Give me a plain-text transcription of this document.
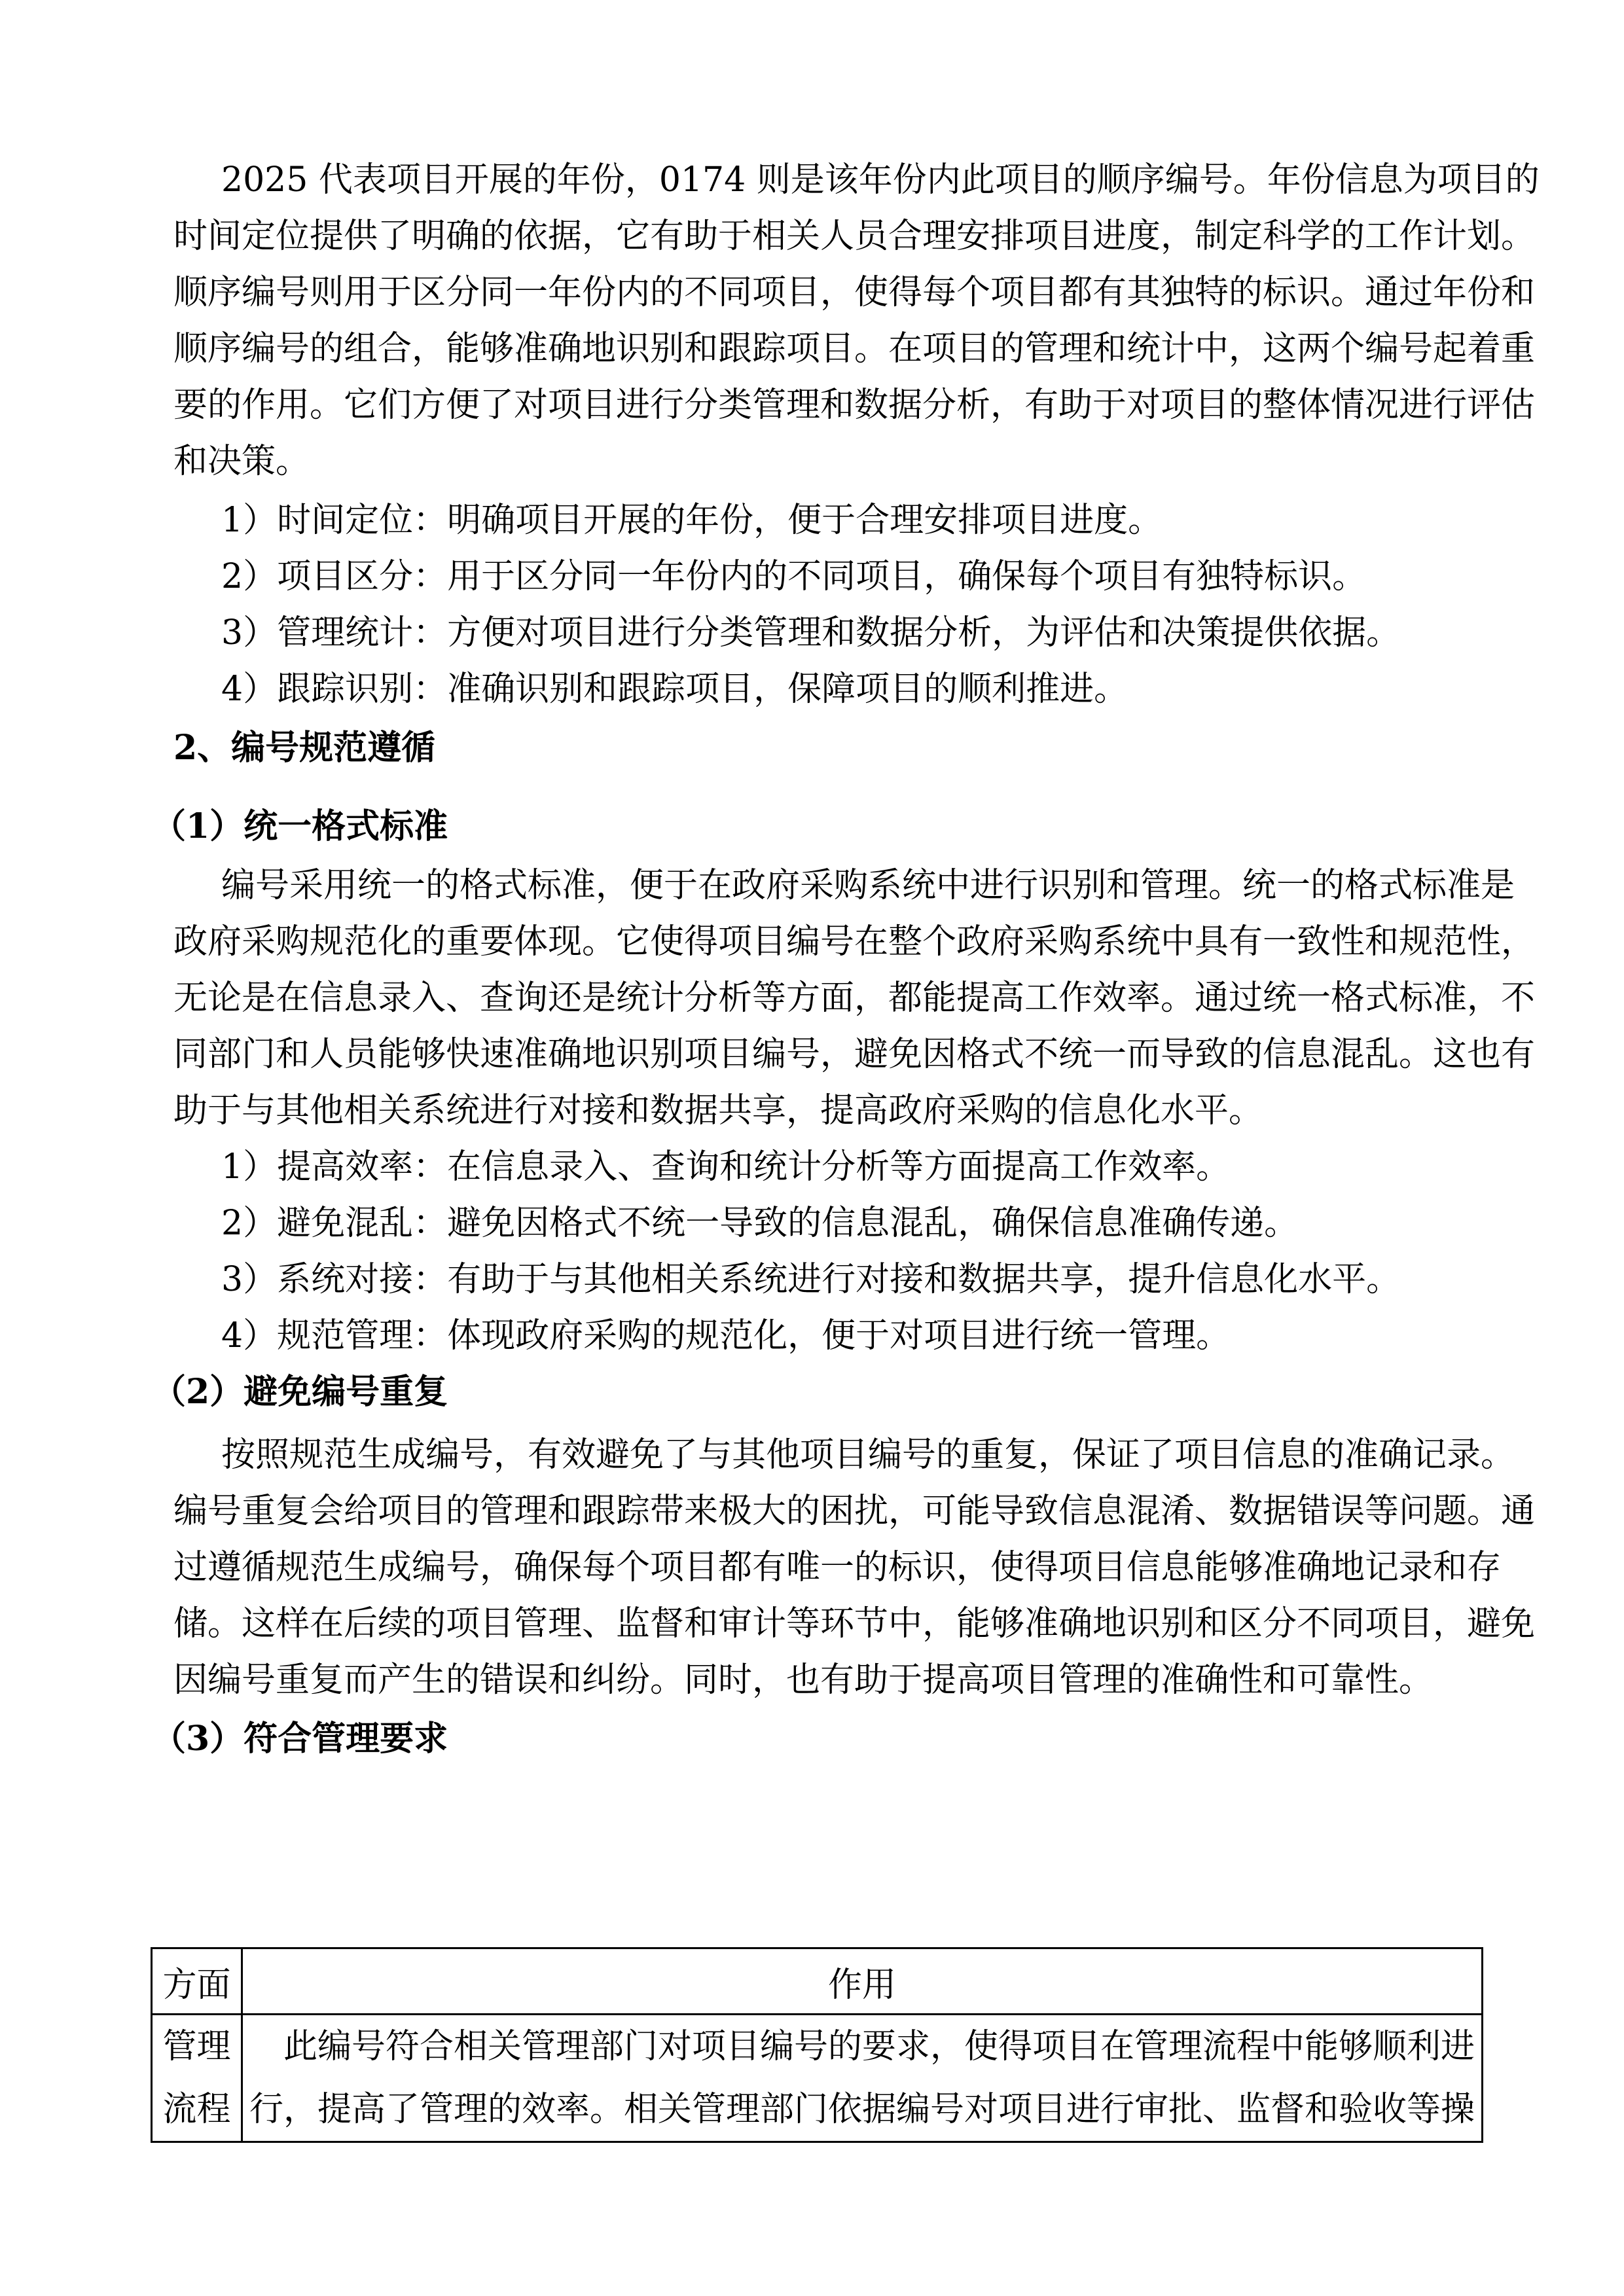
2025 代表项目开展的年份，0174 则是该年份内此项目的顺序编号。年份信息为项目的
时间定位提供了明确的依据，它有助于相关人员合理安排项目进度，制定科学的工作计划。
顺序编号则用于区分同一年份内的不同项目，使得每个项目都有其独特的标识。通过年份和
顺序编号的组合，能够准确地识别和跟踪项目。在项目的管理和统计中，这两个编号起着重
要的作用。它们方便了对项目进行分类管理和数据分析，有助于对项目的整体情况进行评估
和决策。
1）时间定位：明确项目开展的年份，便于合理安排项目进度。
2）项目区分：用于区分同一年份内的不同项目，确保每个项目有独特标识。
3）管理统计：方便对项目进行分类管理和数据分析，为评估和决策提供依据。
4）跟踪识别：准确识别和跟踪项目，保障项目的顺利推进。
2、编号规范遵循
（1）统一格式标准
编号采用统一的格式标准，便于在政府采购系统中进行识别和管理。统一的格式标准是
政府采购规范化的重要体现。它使得项目编号在整个政府采购系统中具有一致性和规范性，
无论是在信息录入、查询还是统计分析等方面，都能提高工作效率。通过统一格式标准，不
同部门和人员能够快速准确地识别项目编号，避免因格式不统一而导致的信息混乱。这也有
助于与其他相关系统进行对接和数据共享，提高政府采购的信息化水平。
1）提高效率：在信息录入、查询和统计分析等方面提高工作效率。
2）避免混乱：避免因格式不统一导致的信息混乱，确保信息准确传递。
3）系统对接：有助于与其他相关系统进行对接和数据共享，提升信息化水平。
4）规范管理：体现政府采购的规范化，便于对项目进行统一管理。
（2）避免编号重复
按照规范生成编号，有效避免了与其他项目编号的重复，保证了项目信息的准确记录。
编号重复会给项目的管理和跟踪带来极大的困扰，可能导致信息混淆、数据错误等问题。通
过遵循规范生成编号，确保每个项目都有唯一的标识，使得项目信息能够准确地记录和存
储。这样在后续的项目管理、监督和审计等环节中，能够准确地识别和区分不同项目，避免
因编号重复而产生的错误和纠纷。同时，也有助于提高项目管理的准确性和可靠性。
（3）符合管理要求
方面	作用

管理
流程	此编号符合相关管理部门对项目编号的要求，使得项目在管理流程中能够顺利进
行，提高了管理的效率。相关管理部门依据编号对项目进行审批、监督和验收等操
